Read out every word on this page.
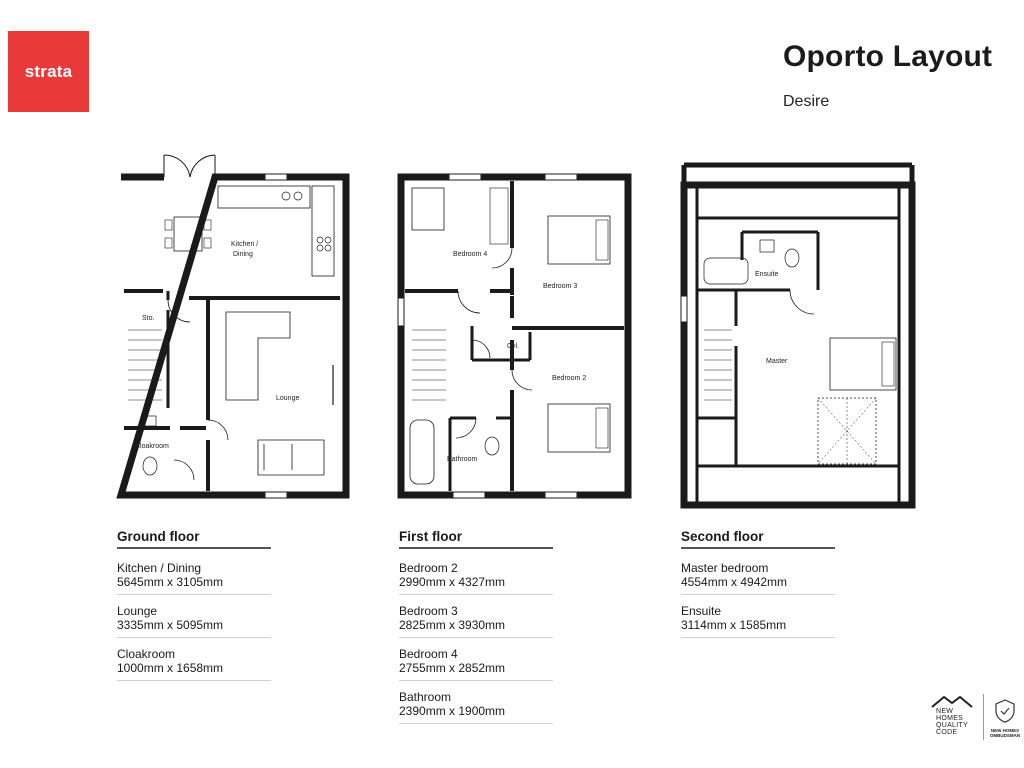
strata	Oporto Layout
Desire
Kitchen /
Dining
Sto.
Lounge
Cloakroom
Bedroom 4
Bedroom 3
Cyl.
Bedroom 2
Bathroom
Ensuite
Master
Ground floor
Kitchen / Dining
5645mm x 3105mm
Lounge
3335mm x 5095mm
Cloakroom
1000mm x 1658mm
First floor
Bedroom 2
2990mm x 4327mm
Bedroom 3
2825mm x 3930mm
Bedroom 4
2755mm x 2852mm
Bathroom
2390mm x 1900mm
Second floor
Master bedroom
4554mm x 4942mm
Ensuite
3114mm x 1585mm
NEW
HOMES
QUALITY
CODE	NEW HOMES OMBUDSMAN
